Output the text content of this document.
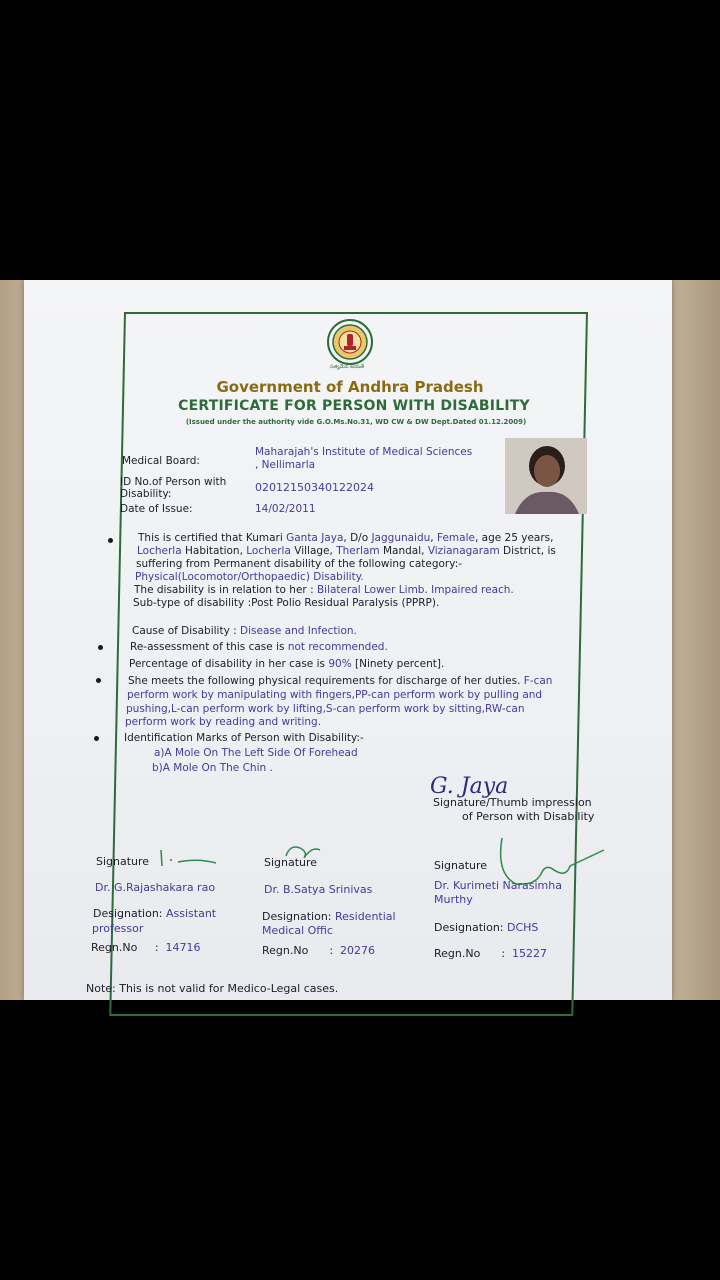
సత్యమేవ జయతే
Government of Andhra Pradesh
CERTIFICATE FOR PERSON WITH DISABILITY
(Issued under the authority vide G.O.Ms.No.31, WD CW & DW Dept.Dated 01.12.2009)
Medical Board:
Maharajah's Institute of Medical Sciences
, Nellimarla
ID No.of Person with
Disability:	02012150340122024
Date of Issue:	14/02/2011
This is certified that Kumari Ganta Jaya, D/o Jaggunaidu, Female, age 25 years,
Locherla Habitation, Locherla Village, Therlam Mandal, Vizianagaram District, is
suffering from Permanent disability of the following category:-
Physical(Locomotor/Orthopaedic) Disability.
The disability is in relation to her : Bilateral Lower Limb. Impaired reach.
Sub-type of disability :Post Polio Residual Paralysis (PPRP).
Cause of Disability : Disease and Infection.
Re-assessment of this case is not recommended.
Percentage of disability in her case is 90% [Ninety percent].
She meets the following physical requirements for discharge of her duties. F-can
perform work by manipulating with fingers,PP-can perform work by pulling and
pushing,L-can perform work by lifting,S-can perform work by sitting,RW-can
perform work by reading and writing.
Identification Marks of Person with Disability:-
a)A Mole On The Left Side Of Forehead
b)A Mole On The Chin .
G. Jaya
Signature/Thumb impression
of Person with Disability
Signature
Dr. G.Rajashakara rao
Designation: Assistant
professor
Regn.No : 14716
Signature
Dr. B.Satya Srinivas
Designation: Residential
Medical Offic
Regn.No : 20276
Signature
Dr. Kurimeti Narasimha
Murthy
Designation: DCHS
Regn.No : 15227
Note: This is not valid for Medico-Legal cases.
